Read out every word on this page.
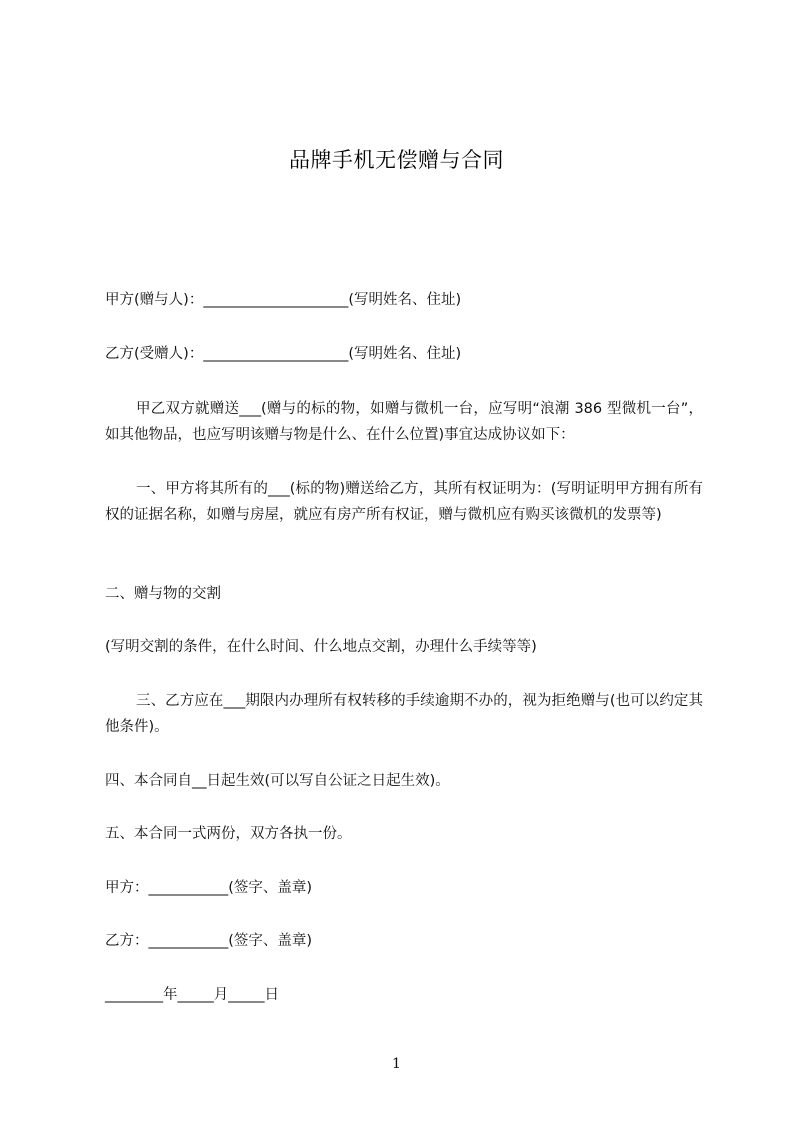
品牌手机无偿赠与合同
甲方(赠与人)：____________________(写明姓名、住址)
乙方(受赠人)：____________________(写明姓名、住址)
甲乙双方就赠送___(赠与的标的物，如赠与微机一台，应写明“浪潮 386 型微机一台”，如其他物品，也应写明该赠与物是什么、在什么位置)事宜达成协议如下：
一、甲方将其所有的___(标的物)赠送给乙方，其所有权证明为：(写明证明甲方拥有所有权的证据名称，如赠与房屋，就应有房产所有权证，赠与微机应有购买该微机的发票等)
二、赠与物的交割
(写明交割的条件，在什么时间、什么地点交割，办理什么手续等等)
三、乙方应在___期限内办理所有权转移的手续逾期不办的，视为拒绝赠与(也可以约定其他条件)。
四、本合同自__日起生效(可以写自公证之日起生效)。
五、本合同一式两份，双方各执一份。
甲方：___________(签字、盖章)
乙方：___________(签字、盖章)
________年_____月_____日
1
